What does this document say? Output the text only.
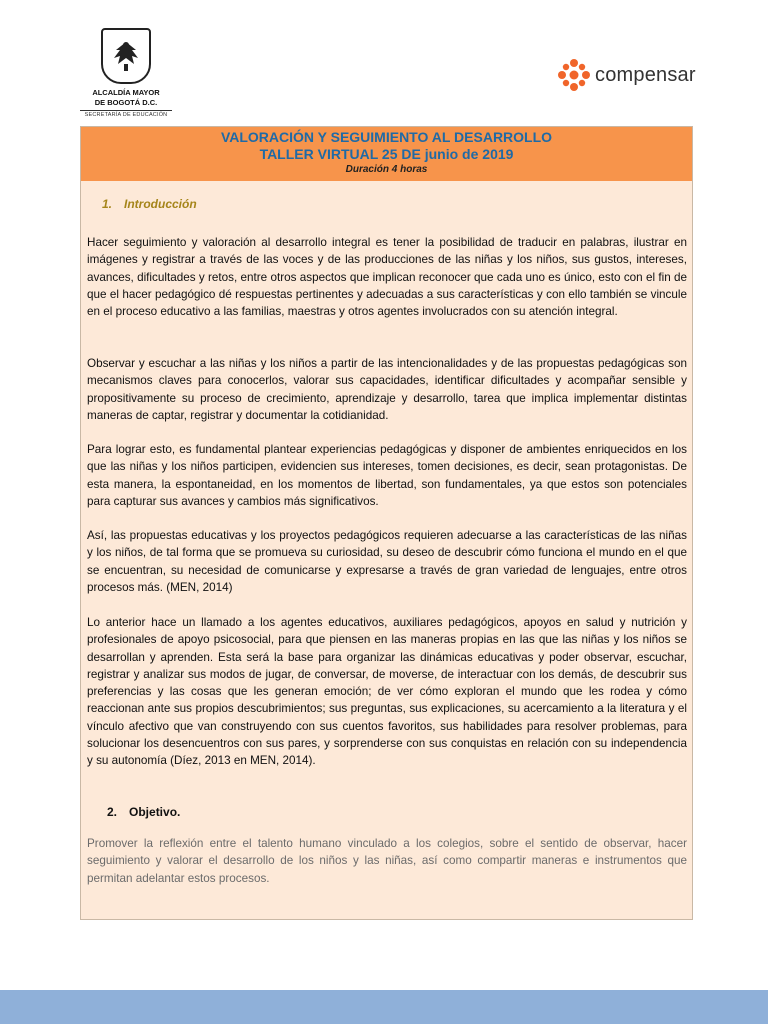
ALCALDÍA MAYOR
DE BOGOTÁ D.C.
SECRETARÍA DE EDUCACIÓN
compensar
VALORACIÓN Y SEGUIMIENTO AL DESARROLLO
TALLER VIRTUAL 25 DE junio de 2019
Duración 4 horas
1. Introducción
Hacer seguimiento y valoración al desarrollo integral es tener la posibilidad de traducir en palabras, ilustrar en imágenes y registrar a través de las voces y de las producciones de las niñas y los niños, sus gustos, intereses, avances, dificultades y retos, entre otros aspectos que implican reconocer que cada uno es único, esto con el fin de que el hacer pedagógico dé respuestas pertinentes y adecuadas a sus características y con ello también se vincule en el proceso educativo a las familias, maestras y otros agentes involucrados con su atención integral.
Observar y escuchar a las niñas y los niños a partir de las intencionalidades y de las propuestas pedagógicas son mecanismos claves para conocerlos, valorar sus capacidades, identificar dificultades y acompañar sensible y propositivamente su proceso de crecimiento, aprendizaje y desarrollo, tarea que implica implementar distintas maneras de captar, registrar y documentar la cotidianidad.
Para lograr esto, es fundamental plantear experiencias pedagógicas y disponer de ambientes enriquecidos en los que las niñas y los niños participen, evidencien sus intereses, tomen decisiones, es decir, sean protagonistas. De esta manera, la espontaneidad, en los momentos de libertad, son fundamentales, ya que estos son potenciales para capturar sus avances y cambios más significativos.
Así, las propuestas educativas y los proyectos pedagógicos requieren adecuarse a las características de las niñas y los niños, de tal forma que se promueva su curiosidad, su deseo de descubrir cómo funciona el mundo en el que se encuentran, su necesidad de comunicarse y expresarse a través de gran variedad de lenguajes, entre otros procesos más. (MEN, 2014)
Lo anterior hace un llamado a los agentes educativos, auxiliares pedagógicos, apoyos en salud y nutrición y profesionales de apoyo psicosocial, para que piensen en las maneras propias en las que las niñas y los niños se desarrollan y aprenden. Esta será la base para organizar las dinámicas educativas y poder observar, escuchar, registrar y analizar sus modos de jugar, de conversar, de moverse, de interactuar con los demás, de descubrir sus preferencias y las cosas que les generan emoción; de ver cómo exploran el mundo que les rodea y cómo reaccionan ante sus propios descubrimientos; sus preguntas, sus explicaciones, su acercamiento a la literatura y el vínculo afectivo que van construyendo con sus cuentos favoritos, sus habilidades para resolver problemas, para solucionar los desencuentros con sus pares, y sorprenderse con sus conquistas en relación con su independencia y su autonomía (Díez, 2013 en MEN, 2014).
2. Objetivo.
Promover la reflexión entre el talento humano vinculado a los colegios, sobre el sentido de observar, hacer seguimiento y valorar el desarrollo de los niños y las niñas, así como compartir maneras e instrumentos que permitan adelantar estos procesos.
